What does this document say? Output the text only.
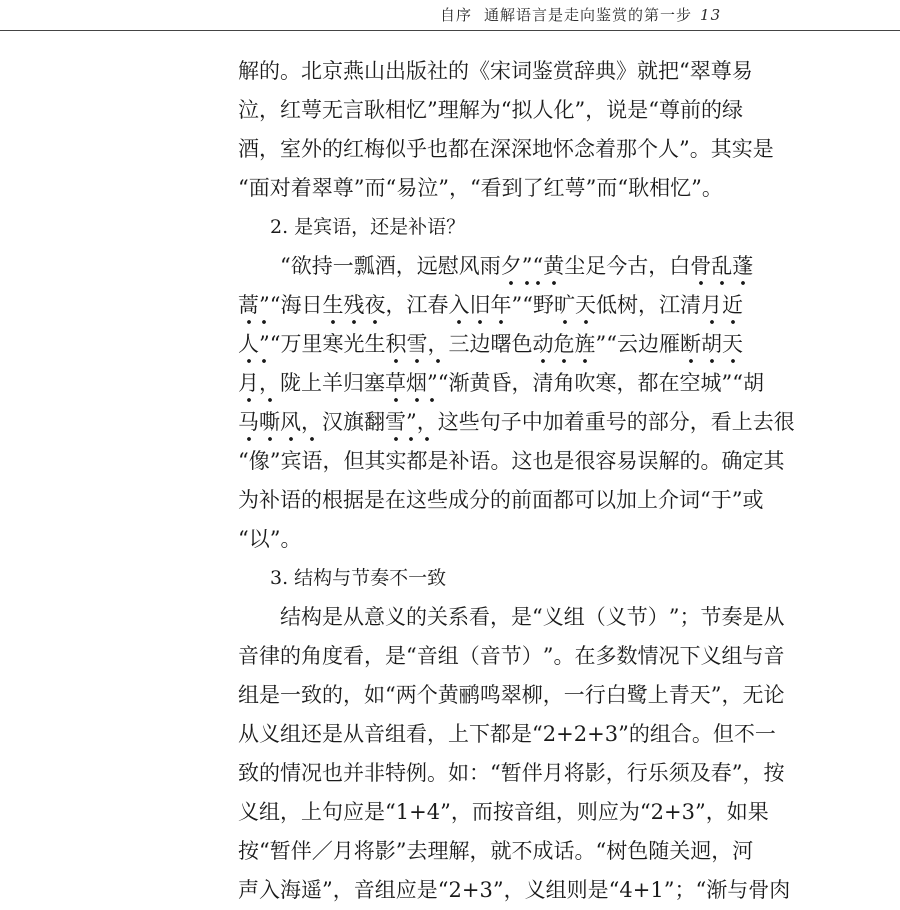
自序 通解语言是走向鉴赏的第一步 13
解 的 。 北 京 燕 山 出 版 社 的 《 宋 词 鉴 赏 辞 典 》 就 把 “ 翠 尊 易
泣 ， 红 萼 无 言 耿 相 忆 ” 理 解 为 “ 拟 人 化 ” ， 说 是 “ 尊 前 的 绿
酒 ， 室 外 的 红 梅 似 乎 也 都 在 深 深 地 怀 念 着 那 个 人 ” 。 其 实 是
“面对着翠尊”而“易泣”，“看到了红萼”而“耿相忆”。
2. 是宾语，还是补语？
“ 欲 持 一 瓢 酒 ， 远 慰 风 雨 夕 ” “ 黄 尘 足 今 古 ， 白 骨 乱 蓬
蒿 ” “ 海 日 生 残 夜 ， 江 春 入 旧 年 ” “ 野 旷 天 低 树 ， 江 清 月 近
人 ” “ 万 里 寒 光 生 积 雪 ， 三 边 曙 色 动 危 旌 ” “ 云 边 雁 断 胡 天
月 ， 陇 上 羊 归 塞 草 烟 ” “ 渐 黄 昏 ， 清 角 吹 寒 ， 都 在 空 城 ” “ 胡
马 嘶 风 ， 汉 旗 翻 雪 ” ， 这 些 句 子 中 加 着 重 号 的 部 分 ， 看 上 去 很
“ 像 ” 宾 语 ， 但 其 实 都 是 补 语 。 这 也 是 很 容 易 误 解 的 。 确 定 其
为 补 语 的 根 据 是 在 这 些 成 分 的 前 面 都 可 以 加 上 介 词 “ 于 ” 或
“以”。
3. 结构与节奏不一致
结 构 是 从 意 义 的 关 系 看 ， 是 “ 义 组 （ 义 节 ） ” ； 节 奏 是 从
音 律 的 角 度 看 ， 是 “ 音 组 （ 音 节 ） ” 。 在 多 数 情 况 下 义 组 与 音
组 是 一 致 的 ， 如 “ 两 个 黄 鹂 鸣 翠 柳 ， 一 行 白 鹭 上 青 天 ” ， 无 论
从 义 组 还 是 从 音 组 看 ， 上 下 都 是 “ 2 + 2 + 3 ” 的 组 合 。 但 不 一
致 的 情 况 也 并 非 特 例 。 如 ： “ 暂 伴 月 将 影 ， 行 乐 须 及 春 ” ， 按
义 组 ， 上 句 应 是 “ 1 + 4 ” ， 而 按 音 组 ， 则 应 为 “ 2 + 3 ” ， 如 果
按 “ 暂 伴 ／ 月 将 影 ” 去 理 解 ， 就 不 成 话 。 “ 树 色 随 关 迥 ， 河
声 入 海 遥 ” ， 音 组 应 是 “ 2 + 3 ” ， 义 组 则 是 “ 4 + 1 ” ； “ 渐 与 骨 肉
